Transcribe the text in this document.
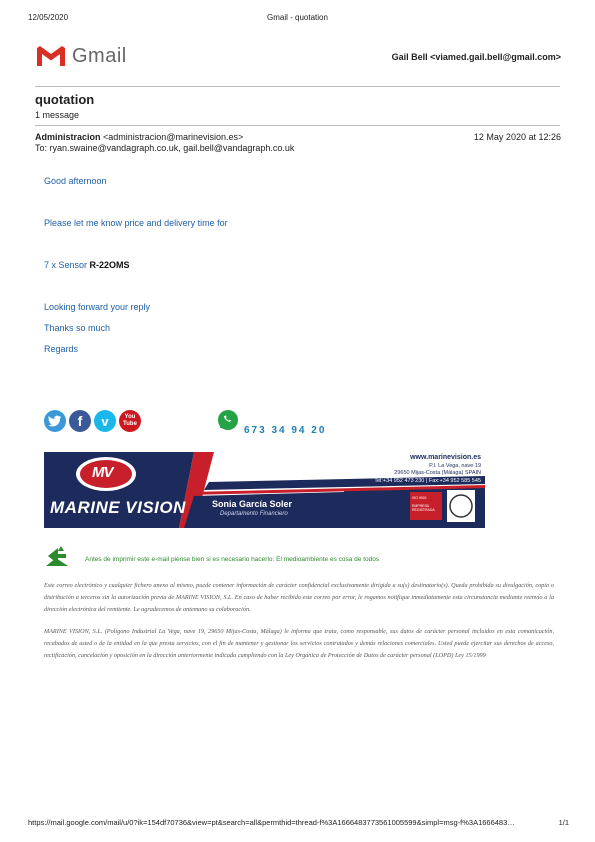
12/05/2020	Gmail - quotation
Gmail	Gail Bell <viamed.gail.bell@gmail.com>
quotation
1 message
Administracion <administracion@marinevision.es>	12 May 2020 at 12:26
To: ryan.swaine@vandagraph.co.uk, gail.bell@vandagraph.co.uk
Good afternoon
Please let me know price and delivery time for
7 x Sensor R-22OMS
Looking forward your reply
Thanks so much
Regards
f v	You
Tube
673 34 94 20
MV
MARINE VISION
www.marinevision.es
P.I. La Vega, nave 19
29650 Mijas-Costa (Málaga) SPAIN
Tel:+34 952 473 230 | Fax:+34 952 585 545
Sonia García Soler
Departamento Financiero
ISO 9001
EMPRESA REGISTRADA
Antes de imprimir este e-mail piense bien si es necesario hacerlo: El medioambiente es cosa de todos
Este correo electrónico y cualquier fichero anexo al mismo, puede contener información de carácter confidencial exclusivamente dirigida a su(s) destinatario(s). Queda prohibida su divulgación, copia o distribución a terceros sin la autorización previa de MARINE VISION, S.L. En caso de haber recibido este correo por error, le rogamos notifique inmediatamente esta circunstancia mediante reenvío a la dirección electrónica del remitente. Le agradecemos de antemano su colaboración.
MARINE VISION, S.L. (Polígono Industrial La Vega, nave 19, 29650 Mijas-Costa, Málaga) le informa que trata, como responsable, sus datos de carácter personal incluidos en esta comunicación, recabados de usted o de la entidad en la que presta servicios, con el fin de mantener y gestionar los servicios contratados y demás relaciones comerciales. Usted puede ejercitar sus derechos de acceso, rectificación, cancelación y oposición en la dirección anteriormente indicada cumpliendo con la Ley Orgánica de Protección de Datos de carácter personal (LOPD) Ley 15/1999
https://mail.google.com/mail/u/0?ik=154df70736&view=pt&search=all&permthid=thread-f%3A1666483773561005599&simpl=msg-f%3A1666483…	1/1
